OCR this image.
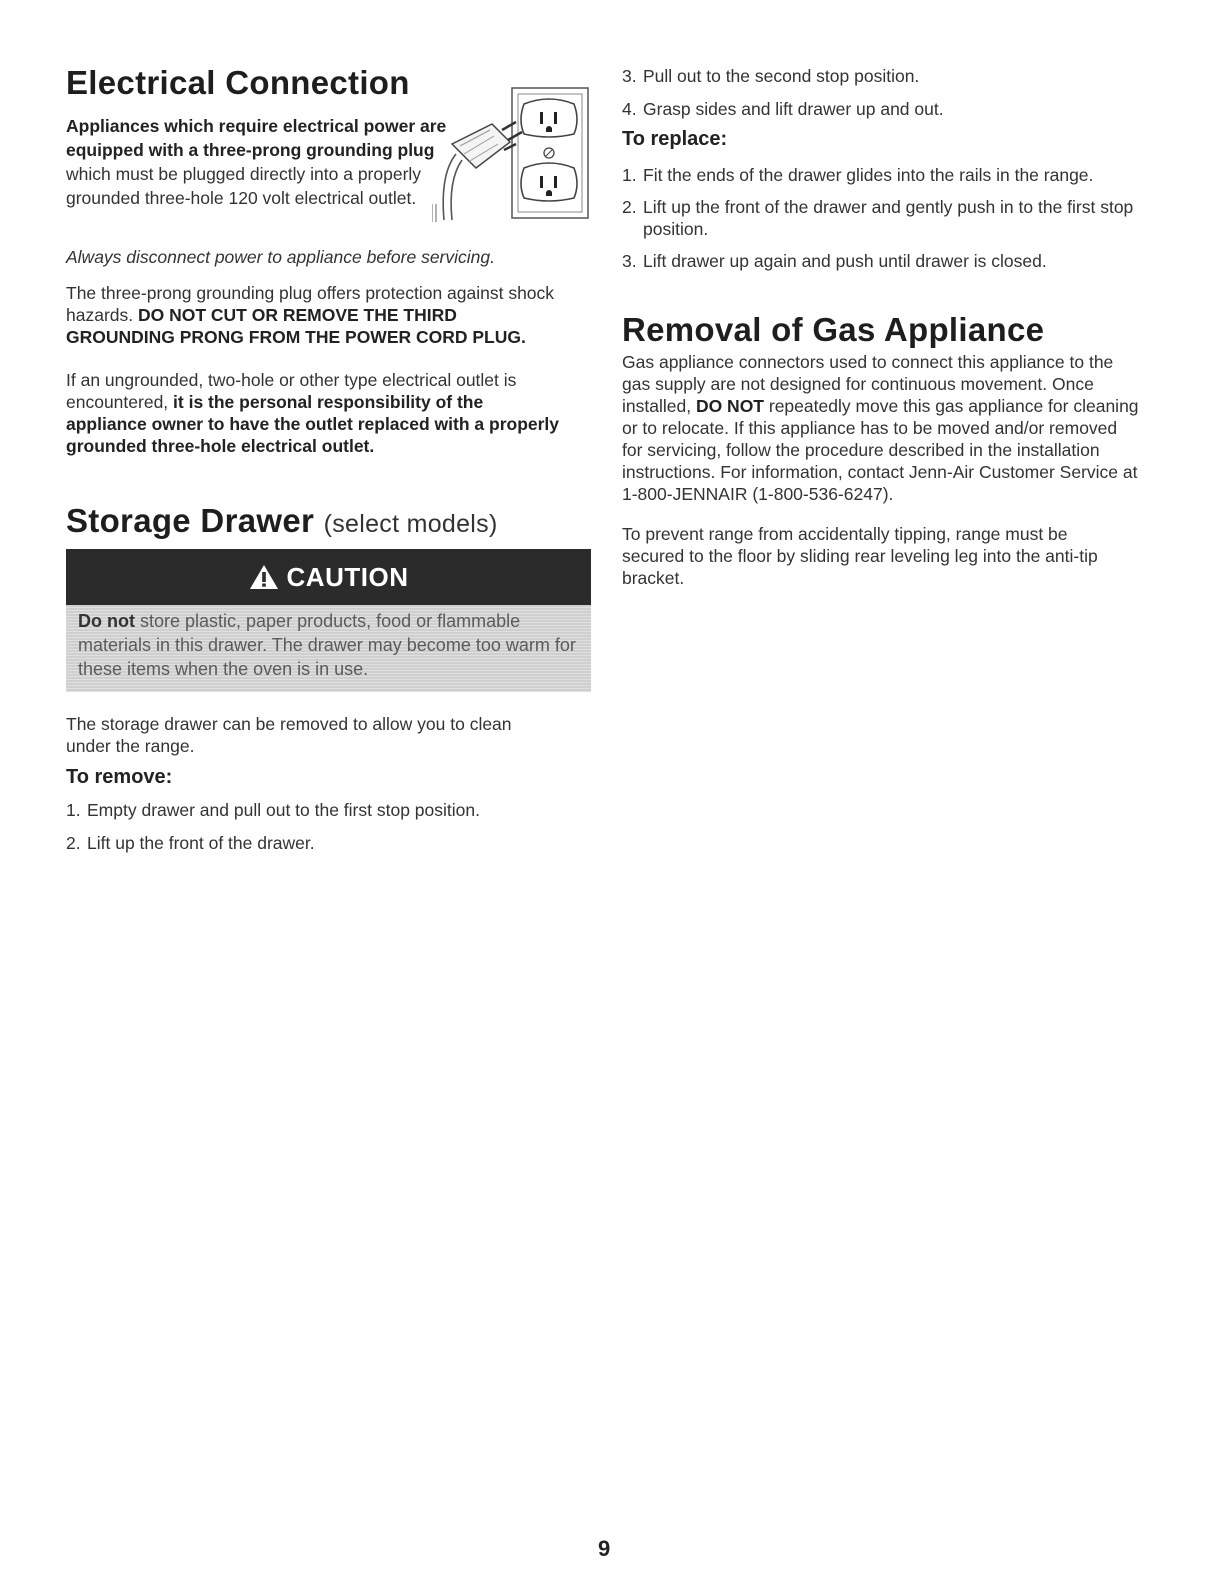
Electrical Connection

Appliances which require electrical power are equipped with a three-prong grounding plug which must be plugged directly into a properly grounded three-hole 120 volt electrical outlet.

Always disconnect power to appliance before servicing.

The three-prong grounding plug offers protection against shock hazards. DO NOT CUT OR REMOVE THE THIRD GROUNDING PRONG FROM THE POWER CORD PLUG.

If an ungrounded, two-hole or other type electrical outlet is encountered, it is the personal responsibility of the appliance owner to have the outlet replaced with a properly grounded three-hole electrical outlet.

Storage Drawer (select models)

The storage drawer can be removed to allow you to clean under the range.

To remove:
1. Empty drawer and pull out to the first stop position.
2. Lift up the front of the drawer.
CAUTION

Do not store plastic, paper products, food or flammable materials in this drawer. The drawer may become too warm for these items when the oven is in use.

3. Pull out to the second stop position.
4. Grasp sides and lift drawer up and out.
To replace:
1. Fit the ends of the drawer glides into the rails in the range.
2. Lift up the front of the drawer and gently push in to the first stop position.
3. Lift drawer up again and push until drawer is closed.
Removal of Gas Appliance

Gas appliance connectors used to connect this appliance to the gas supply are not designed for continuous movement. Once installed, DO NOT repeatedly move this gas appliance for cleaning or to relocate. If this appliance has to be moved and/or removed for servicing, follow the procedure described in the installation instructions. For information, contact Jenn-Air Customer Service at 1-800-JENNAIR (1-800-536-6247).

To prevent range from accidentally tipping, range must be secured to the floor by sliding rear leveling leg into the anti-tip bracket.

9
